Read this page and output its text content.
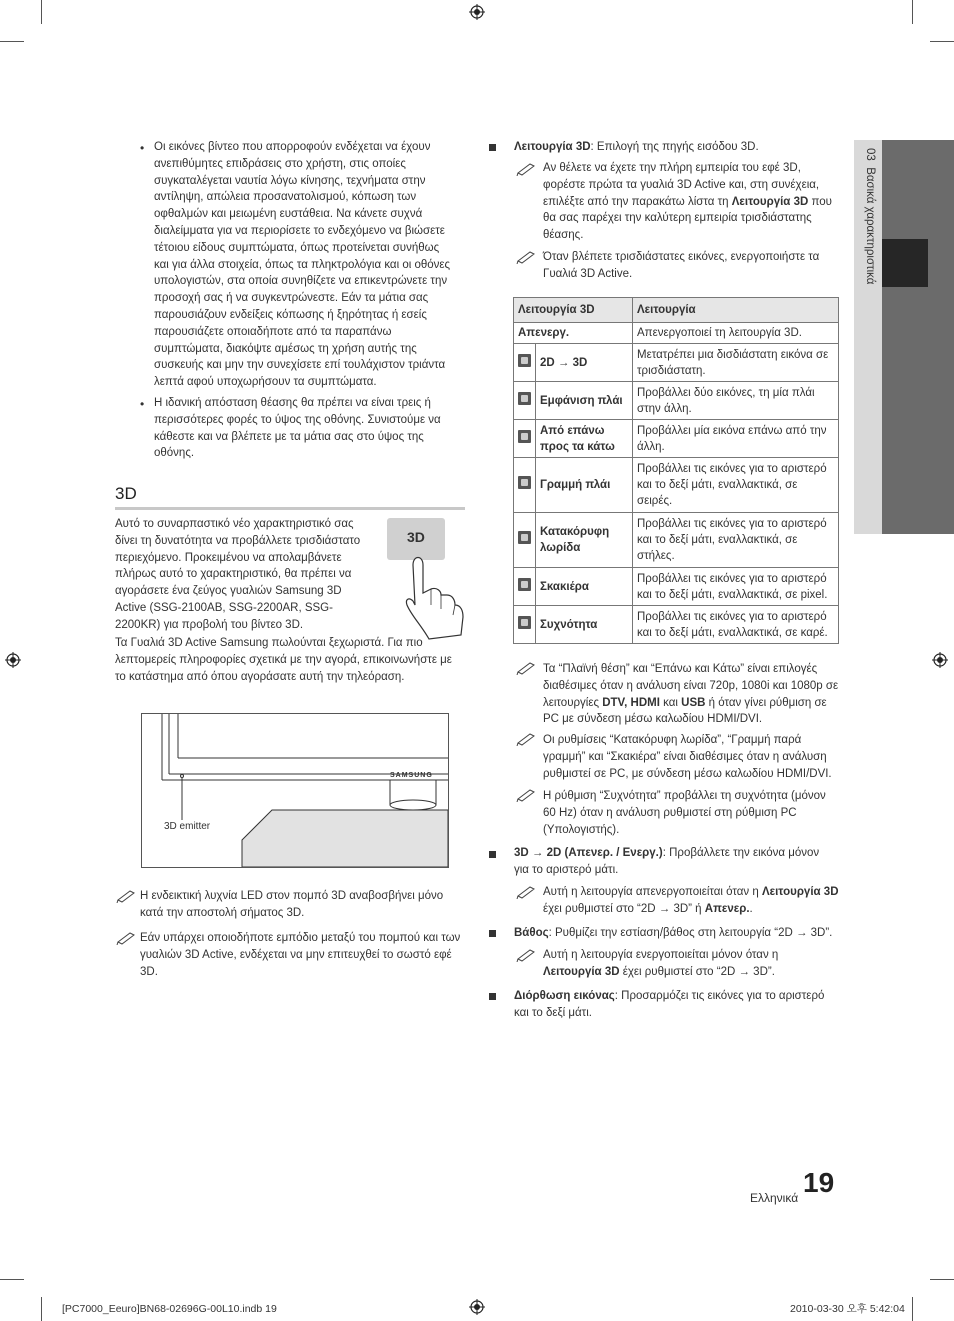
03  Βασικά χαρακτηριστικά
• Οι εικόνες βίντεο που απορροφούν ενδέχεται να έχουν ανεπιθύμητες επιδράσεις στο χρήστη, στις οποίες συγκαταλέγεται ναυτία λόγω κίνησης, τεχνήματα στην αντίληψη, απώλεια προσανατολισμού, κόπωση των οφθαλμών και μειωμένη ευστάθεια. Να κάνετε συχνά διαλείμματα για να περιορίσετε το ενδεχόμενο να βιώσετε τέτοιου είδους συμπτώματα, όπως προτείνεται συνήθως και για άλλα στοιχεία, όπως τα πληκτρολόγια και οι οθόνες υπολογιστών, στα οποία συνηθίζετε να επικεντρώνετε την προσοχή σας ή να συγκεντρώνεστε. Εάν τα μάτια σας παρουσιάζουν ενδείξεις κόπωσης ή ξηρότητας ή εσείς παρουσιάζετε οποιαδήποτε από τα παραπάνω συμπτώματα, διακόψτε αμέσως τη χρήση αυτής της συσκευής και μην την συνεχίσετε επί τουλάχιστον τριάντα λεπτά αφού υποχωρήσουν τα συμπτώματα.
• Η ιδανική απόσταση θέασης θα πρέπει να είναι τρεις ή περισσότερες φορές το ύψος της οθόνης. Συνιστούμε να κάθεστε και να βλέπετε με τα μάτια σας στο ύψος της οθόνης.
3D
Αυτό το συναρπαστικό νέο χαρακτηριστικό σας δίνει τη δυνατότητα να προβάλλετε τρισδιάστατο περιεχόμενο. Προκειμένου να απολαμβάνετε πλήρως αυτό το χαρακτηριστικό, θα πρέπει να αγοράσετε ένα ζεύγος γυαλιών Samsung 3D Active (SSG-2100AB, SSG-2200AR, SSG-2200KR) για προβολή του βίντεο 3D.
3D
Τα Γυαλιά 3D Active Samsung πωλούνται ξεχωριστά. Για πιο λεπτομερείς πληροφορίες σχετικά με την αγορά, επικοινωνήστε με το κατάστημα από όπου αγοράσατε αυτή την τηλεόραση.
SAMSUNG
3D emitter
Η ενδεικτική λυχνία LED στον πομπό 3D αναβοσβήνει μόνο κατά την αποστολή σήματος 3D.
Εάν υπάρχει οποιοδήποτε εμπόδιο μεταξύ του πομπού και των γυαλιών 3D Active, ενδέχεται να μην επιτευχθεί το σωστό εφέ 3D.
Λειτουργία 3D: Επιλογή της πηγής εισόδου 3D.
Αν θέλετε να έχετε την πλήρη εμπειρία του εφέ 3D, φορέστε πρώτα τα γυαλιά 3D Active και, στη συνέχεια, επιλέξτε από την παρακάτω λίστα τη Λειτουργία 3D που θα σας παρέχει την καλύτερη εμπειρία τρισδιάστατης θέασης.
Όταν βλέπετε τρισδιάστατες εικόνες, ενεργοποιήστε τα Γυαλιά 3D Active.
Λειτουργία 3D		Λειτουργία
Απενεργ.		Απενεργοποιεί τη λειτουργία 3D.
	2D → 3D	Μετατρέπει μια δισδιάστατη εικόνα σε τρισδιάστατη.
	Εμφάνιση πλάι	Προβάλλει δύο εικόνες, τη μία πλάι στην άλλη.
	Από επάνω προς τα κάτω	Προβάλλει μία εικόνα επάνω από την άλλη.
	Γραμμή πλάι	Προβάλλει τις εικόνες για το αριστερό και το δεξί μάτι, εναλλακτικά, σε σειρές.
	Κατακόρυφη λωρίδα	Προβάλλει τις εικόνες για το αριστερό και το δεξί μάτι, εναλλακτικά, σε στήλες.
	Σκακιέρα	Προβάλλει τις εικόνες για το αριστερό και το δεξί μάτι, εναλλακτικά, σε pixel.
	Συχνότητα	Προβάλλει τις εικόνες για το αριστερό και το δεξί μάτι, εναλλακτικά, σε καρέ.
Τα “Πλαϊνή θέση” και “Επάνω και Κάτω” είναι επιλογές διαθέσιμες όταν η ανάλυση είναι 720p, 1080i και 1080p σε λειτουργίες DTV, HDMI και USB ή όταν γίνει ρύθμιση σε PC με σύνδεση μέσω καλωδίου HDMI/DVI.
Οι ρυθμίσεις “Κατακόρυφη λωρίδα”, “Γραμμή παρά γραμμή” και “Σκακιέρα” είναι διαθέσιμες όταν η ανάλυση ρυθμιστεί σε PC, με σύνδεση μέσω καλωδίου HDMI/DVI.
Η ρύθμιση “Συχνότητα” προβάλλει τη συχνότητα (μόνον 60 Hz) όταν η ανάλυση ρυθμιστεί στη ρύθμιση PC (Υπολογιστής).
3D → 2D (Απενερ. / Ενεργ.): Προβάλλετε την εικόνα μόνον για το αριστερό μάτι.
Αυτή η λειτουργία απενεργοποιείται όταν η Λειτουργία 3D έχει ρυθμιστεί στο “2D → 3D” ή Απενερ..
Βάθος: Ρυθμίζει την εστίαση/βάθος στη λειτουργία “2D → 3D”.
Αυτή η λειτουργία ενεργοποιείται μόνον όταν η Λειτουργία 3D έχει ρυθμιστεί στο “2D → 3D”.
Διόρθωση εικόνας: Προσαρμόζει τις εικόνες για το αριστερό και το δεξί μάτι.
Ελληνικά 19
[PC7000_Eeuro]BN68-02696G-00L10.indb 19	2010-03-30 오후 5:42:04
